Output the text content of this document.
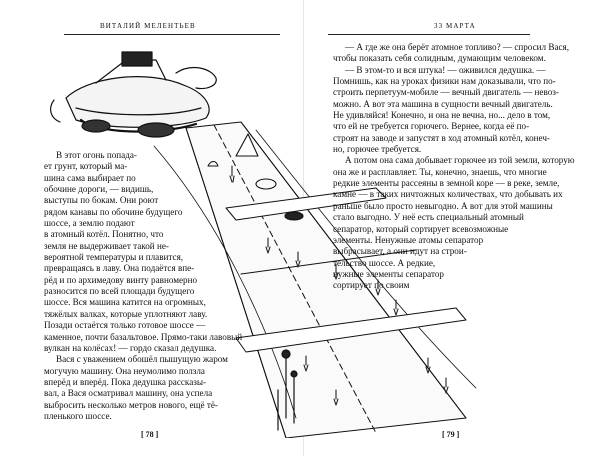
ВИТАЛИЙ МЕЛЕНТЬЕВ	33 МАРТА
В этот огонь попада-
ет грунт, который ма-
шина сама выбирает по
обочине дороги, — видишь,
выступы по бокам. Они роют
рядом канавы по обочине будущего
шоссе, а землю подают
в атомный котёл. Понятно, что
земля не выдерживает такой не-
вероятной температуры и плавится,
превращаясь в лаву. Она подаётся впе-
рёд и по архимедову винту равномерно
разносится по всей площади будущего
шоссе. Вся машина катится на огромных,
тяжёлых валках, которые уплотняют лаву.
Позади остаётся только готовое шоссе —
каменное, почти базальтовое. Прямо-таки лавовый
вулкан на колёсах! — гордо сказал дедушка.
Вася с уважением обошёл пышущую жаром
могучую машину. Она неумолимо ползла
вперёд и вперёд. Пока дедушка рассказы-
вал, а Вася осматривал машину, она успела
выбросить несколько метров нового, ещё тё-
пленького шоссе.
— А где же она берёт атомное топливо? — спросил Вася,
чтобы показать себя солидным, думающим человеком.
— В этом-то и вся штука! — оживился дедушка. —
Помнишь, как на уроках физики нам доказывали, что по-
строить перпетуум-мобиле — вечный двигатель — невоз-
можно. А вот эта машина в сущности вечный двигатель.
Не удивляйся! Конечно, и она не вечна, но... дело в том,
что ей не требуется горючего. Вернее, когда её по-
строят на заводе и запустят в ход атомный котёл, конеч-
но, горючее требуется.
А потом она сама добывает горючее из той земли, которую
она же и расплавляет. Ты, конечно, знаешь, что многие
редкие элементы рассеяны в земной коре — в реке, земле,
камне — в таких ничтожных количествах, что добывать их
раньше было просто невыгодно. А вот для этой машины
стало выгодно. У неё есть специальный атомный
сепаратор, который сортирует всевозможные
элементы. Ненужные атомы сепаратор
выбрасывает, а они идут на строи-
тельство шоссе. А редкие,
нужные элементы сепаратор
сортирует по своим
[ 78 ]	[ 79 ]
